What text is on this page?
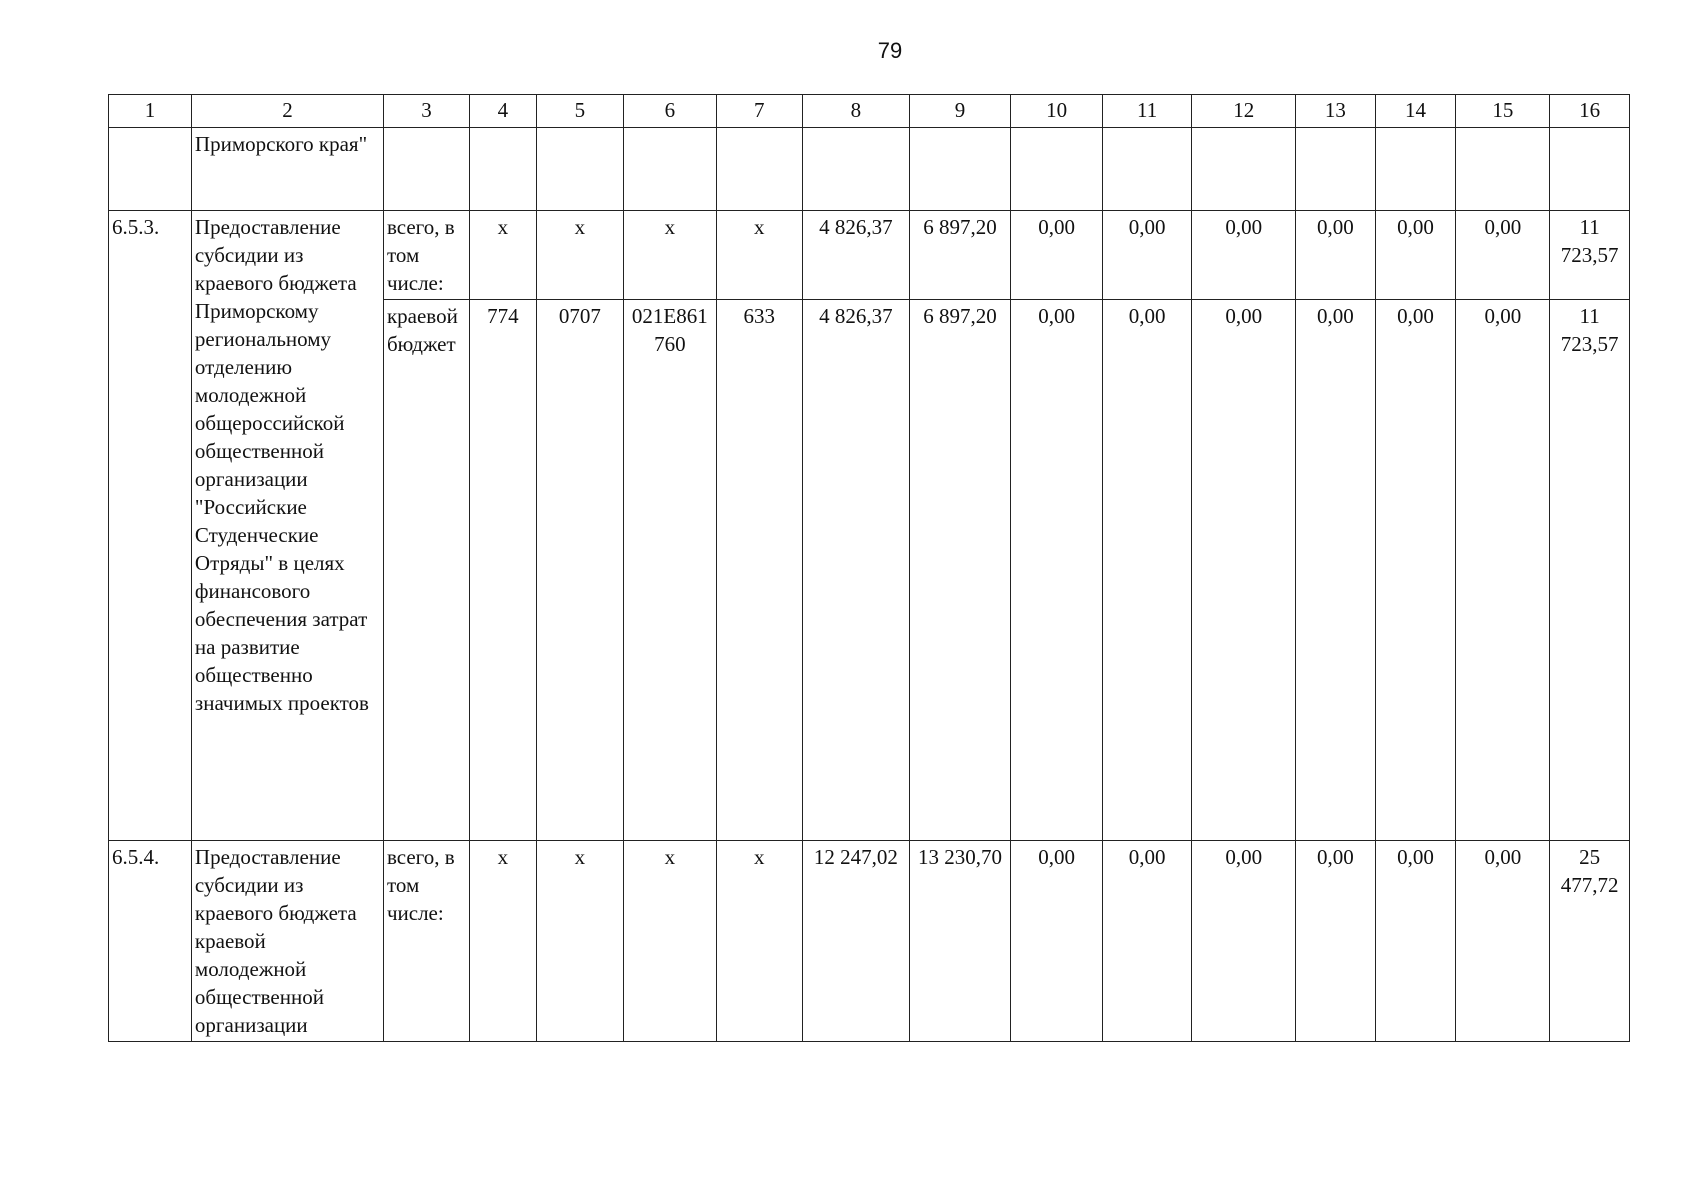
79
1	2	3	4	5	6	7	8	9	10	11	12	13	14	15	16
	Приморского края"														
6.5.3.	Предоставление субсидии из краевого бюджета Приморскому региональному отделению молодежной общероссийской общественной организации "Российские Студенческие Отряды" в целях финансового обеспечения затрат на развитие общественно значимых проектов	всего, в том числе:	x	x	x	x	4 826,37	6 897,20	0,00	0,00	0,00	0,00	0,00	0,00	11 723,57
		краевой бюджет	774	0707	021E861760	633	4 826,37	6 897,20	0,00	0,00	0,00	0,00	0,00	0,00	11 723,57
6.5.4.	Предоставление субсидии из краевого бюджета краевой молодежной общественной организации	всего, в том числе:	x	x	x	x	12 247,02	13 230,70	0,00	0,00	0,00	0,00	0,00	0,00	25 477,72
